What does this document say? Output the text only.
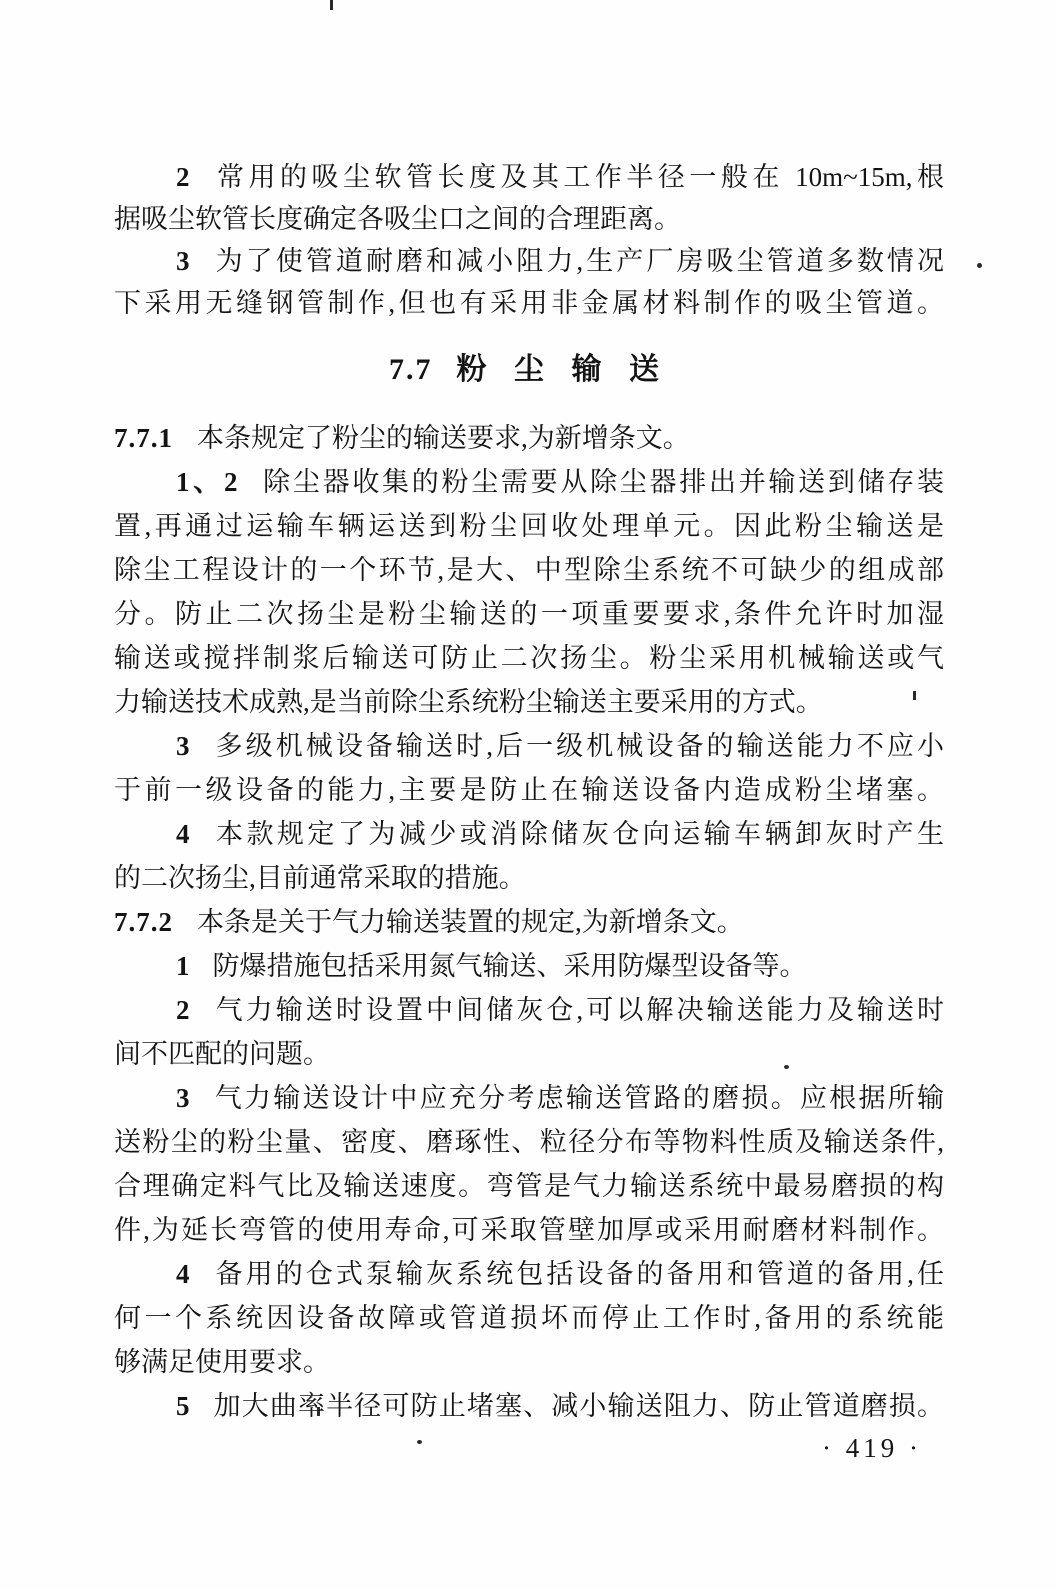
2 常用的吸尘软管长度及其工作半径一般在 10m~15m,根
据吸尘软管长度确定各吸尘口之间的合理距离。
3 为了使管道耐磨和减小阻力,生产厂房吸尘管道多数情况
下采用无缝钢管制作,但也有采用非金属材料制作的吸尘管道。
7.7 粉 尘 输 送
7.7.1 本条规定了粉尘的输送要求,为新增条文。
1、2 除尘器收集的粉尘需要从除尘器排出并输送到储存装
置,再通过运输车辆运送到粉尘回收处理单元。因此粉尘输送是
除尘工程设计的一个环节,是大、中型除尘系统不可缺少的组成部
分。防止二次扬尘是粉尘输送的一项重要要求,条件允许时加湿
输送或搅拌制浆后输送可防止二次扬尘。粉尘采用机械输送或气
力输送技术成熟,是当前除尘系统粉尘输送主要采用的方式。
3 多级机械设备输送时,后一级机械设备的输送能力不应小
于前一级设备的能力,主要是防止在输送设备内造成粉尘堵塞。
4 本款规定了为减少或消除储灰仓向运输车辆卸灰时产生
的二次扬尘,目前通常采取的措施。
7.7.2 本条是关于气力输送装置的规定,为新增条文。
1 防爆措施包括采用氮气输送、采用防爆型设备等。
2 气力输送时设置中间储灰仓,可以解决输送能力及输送时
间不匹配的问题。
3 气力输送设计中应充分考虑输送管路的磨损。应根据所输
送粉尘的粉尘量、密度、磨琢性、粒径分布等物料性质及输送条件,
合理确定料气比及输送速度。弯管是气力输送系统中最易磨损的构
件,为延长弯管的使用寿命,可采取管壁加厚或采用耐磨材料制作。
4 备用的仓式泵输灰系统包括设备的备用和管道的备用,任
何一个系统因设备故障或管道损坏而停止工作时,备用的系统能
够满足使用要求。
5 加大曲率半径可防止堵塞、减小输送阻力、防止管道磨损。
· 419 ·
